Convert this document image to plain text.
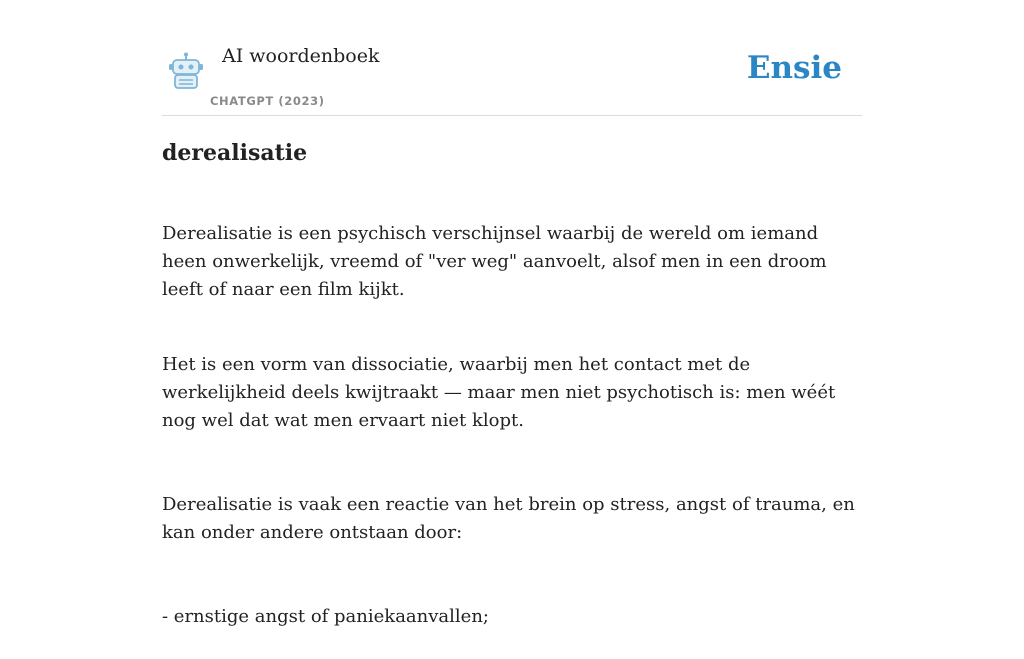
AI woordenboek
CHATGPT (2023)
Ensie
derealisatie

Derealisatie is een psychisch verschijnsel waarbij de wereld om iemand heen onwerkelijk, vreemd of "ver weg" aanvoelt, alsof men in een droom leeft of naar een film kijkt.

Het is een vorm van dissociatie, waarbij men het contact met de werkelijkheid deels kwijtraakt — maar men niet psychotisch is: men wéét nog wel dat wat men ervaart niet klopt.

Derealisatie is vaak een reactie van het brein op stress, angst of trauma, en kan onder andere ontstaan door:

- ernstige angst of paniekaanvallen;
